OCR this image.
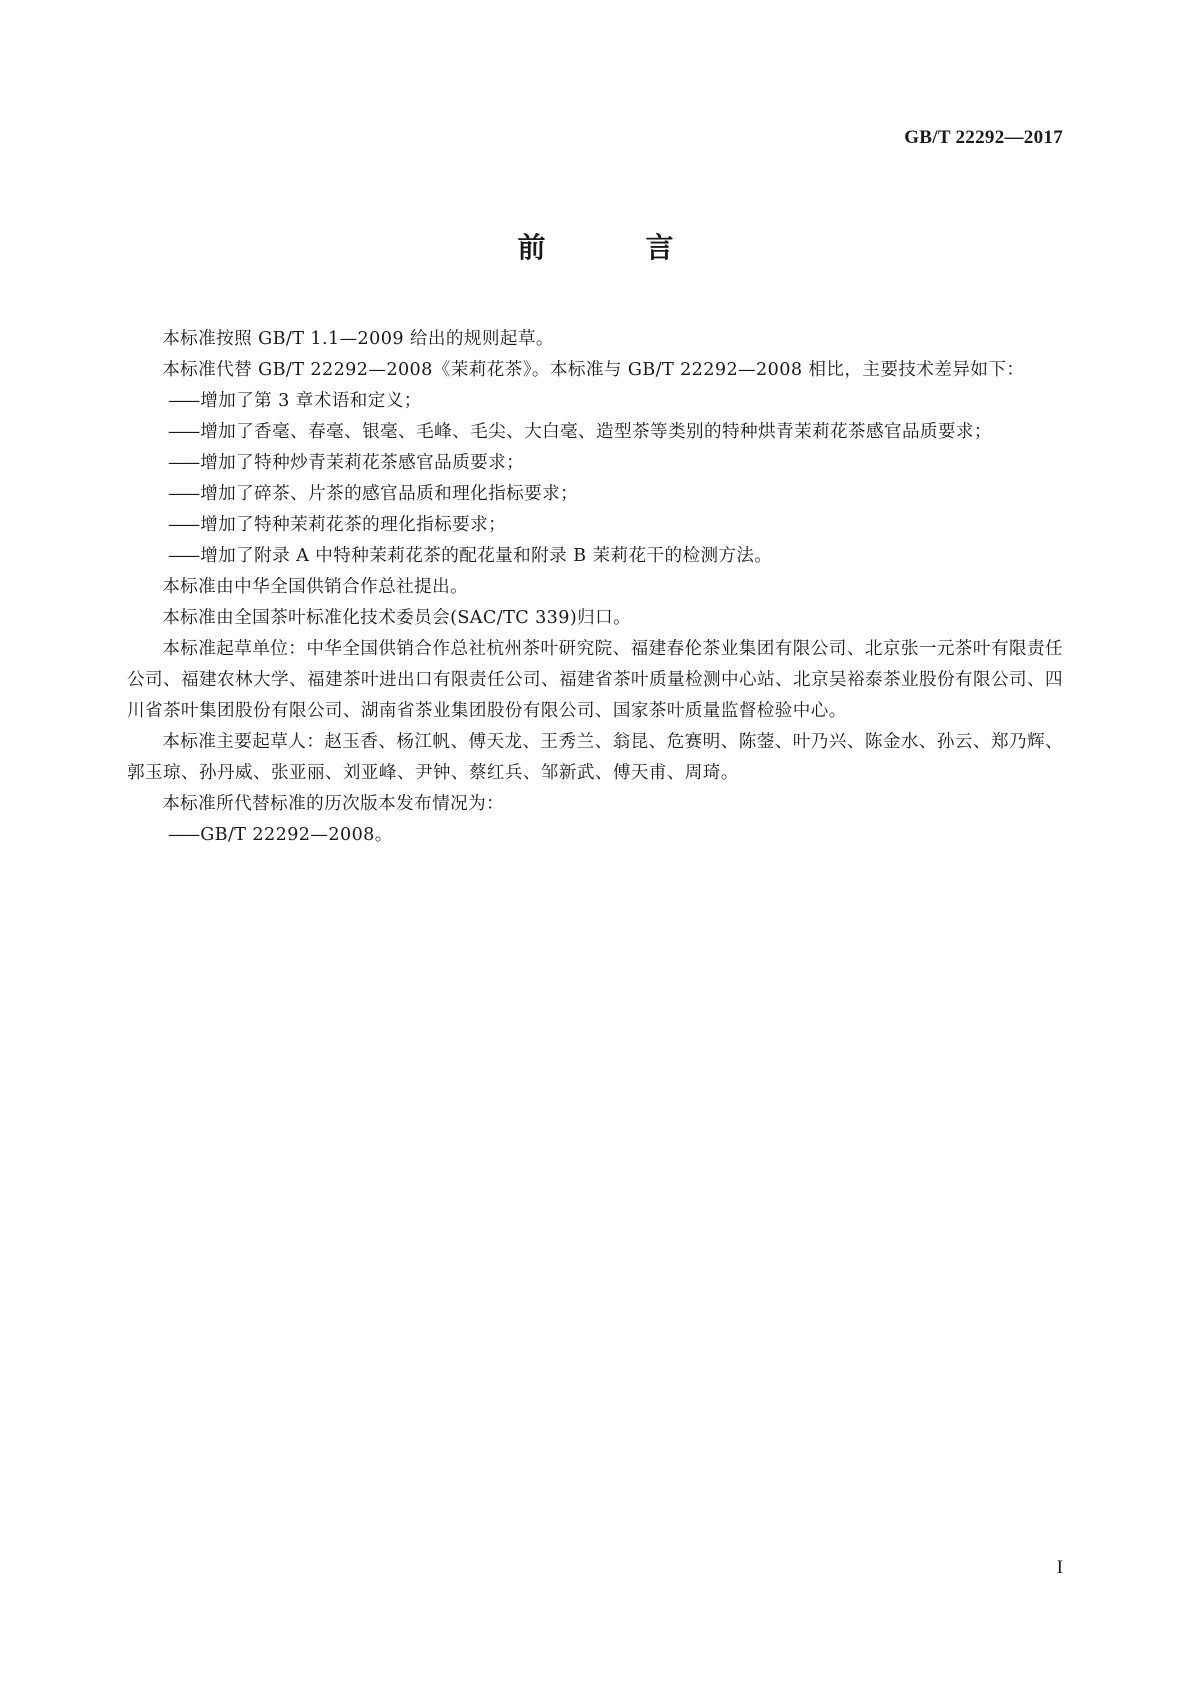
GB/T 22292—2017
前　言

本标准按照 GB/T 1.1—2009 给出的规则起草。

本标准代替 GB/T 22292—2008《茉莉花茶》。本标准与 GB/T 22292—2008 相比，主要技术差异如下：

—— 增加了第 3 章术语和定义；

—— 增加了香毫、春毫、银毫、毛峰、毛尖、大白毫、造型茶等类别的特种烘青茉莉花茶感官品质要求；

—— 增加了特种炒青茉莉花茶感官品质要求；

—— 增加了碎茶、片茶的感官品质和理化指标要求；

—— 增加了特种茉莉花茶的理化指标要求；

—— 增加了附录 A 中特种茉莉花茶的配花量和附录 B 茉莉花干的检测方法。

本标准由中华全国供销合作总社提出。

本标准由全国茶叶标准化技术委员会(SAC/TC 339)归口。

本标准起草单位：中华全国供销合作总社杭州茶叶研究院、福建春伦茶业集团有限公司、北京张一元茶叶有限责任公司、福建农林大学、福建茶叶进出口有限责任公司、福建省茶叶质量检测中心站、北京吴裕泰茶业股份有限公司、四川省茶叶集团股份有限公司、湖南省茶业集团股份有限公司、国家茶叶质量监督检验中心。

本标准主要起草人：赵玉香、杨江帆、傅天龙、王秀兰、翁昆、危赛明、陈蓥、叶乃兴、陈金水、孙云、郑乃辉、郭玉琼、孙丹威、张亚丽、刘亚峰、尹钟、蔡红兵、邹新武、傅天甫、周琦。

本标准所代替标准的历次版本发布情况为：

—— GB/T 22292—2008。

I
